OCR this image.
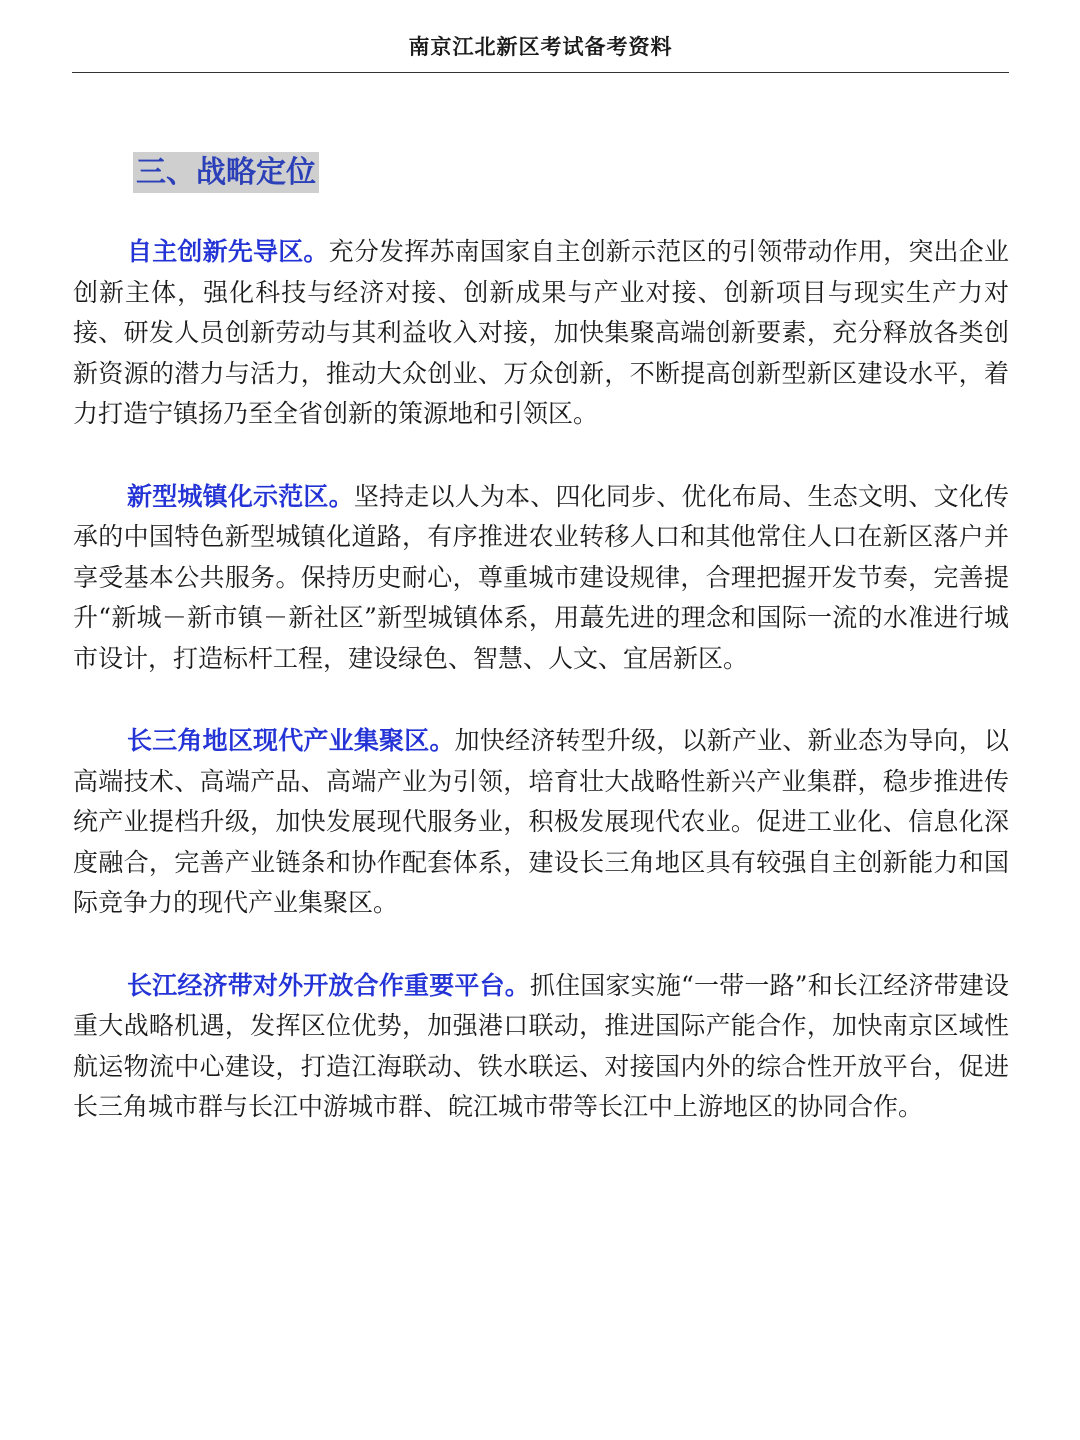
南京江北新区考试备考资料
三、战略定位

自主创新先导区。充分发挥苏南国家自主创新示范区的引领带动作用，突出企业创新主体，强化科技与经济对接、创新成果与产业对接、创新项目与现实生产力对接、研发人员创新劳动与其利益收入对接，加快集聚高端创新要素，充分释放各类创新资源的潜力与活力，推动大众创业、万众创新，不断提高创新型新区建设水平，着力打造宁镇扬乃至全省创新的策源地和引领区。

新型城镇化示范区。坚持走以人为本、四化同步、优化布局、生态文明、文化传承的中国特色新型城镇化道路，有序推进农业转移人口和其他常住人口在新区落户并享受基本公共服务。保持历史耐心，尊重城市建设规律，合理把握开发节奏，完善提升“新城－新市镇－新社区”新型城镇体系，用蕞先进的理念和国际一流的水准进行城市设计，打造标杆工程，建设绿色、智慧、人文、宜居新区。

长三角地区现代产业集聚区。加快经济转型升级，以新产业、新业态为导向，以高端技术、高端产品、高端产业为引领，培育壮大战略性新兴产业集群，稳步推进传统产业提档升级，加快发展现代服务业，积极发展现代农业。促进工业化、信息化深度融合，完善产业链条和协作配套体系，建设长三角地区具有较强自主创新能力和国际竞争力的现代产业集聚区。

长江经济带对外开放合作重要平台。抓住国家实施“一带一路”和长江经济带建设重大战略机遇，发挥区位优势，加强港口联动，推进国际产能合作，加快南京区域性航运物流中心建设，打造江海联动、铁水联运、对接国内外的综合性开放平台，促进长三角城市群与长江中游城市群、皖江城市带等长江中上游地区的协同合作。
